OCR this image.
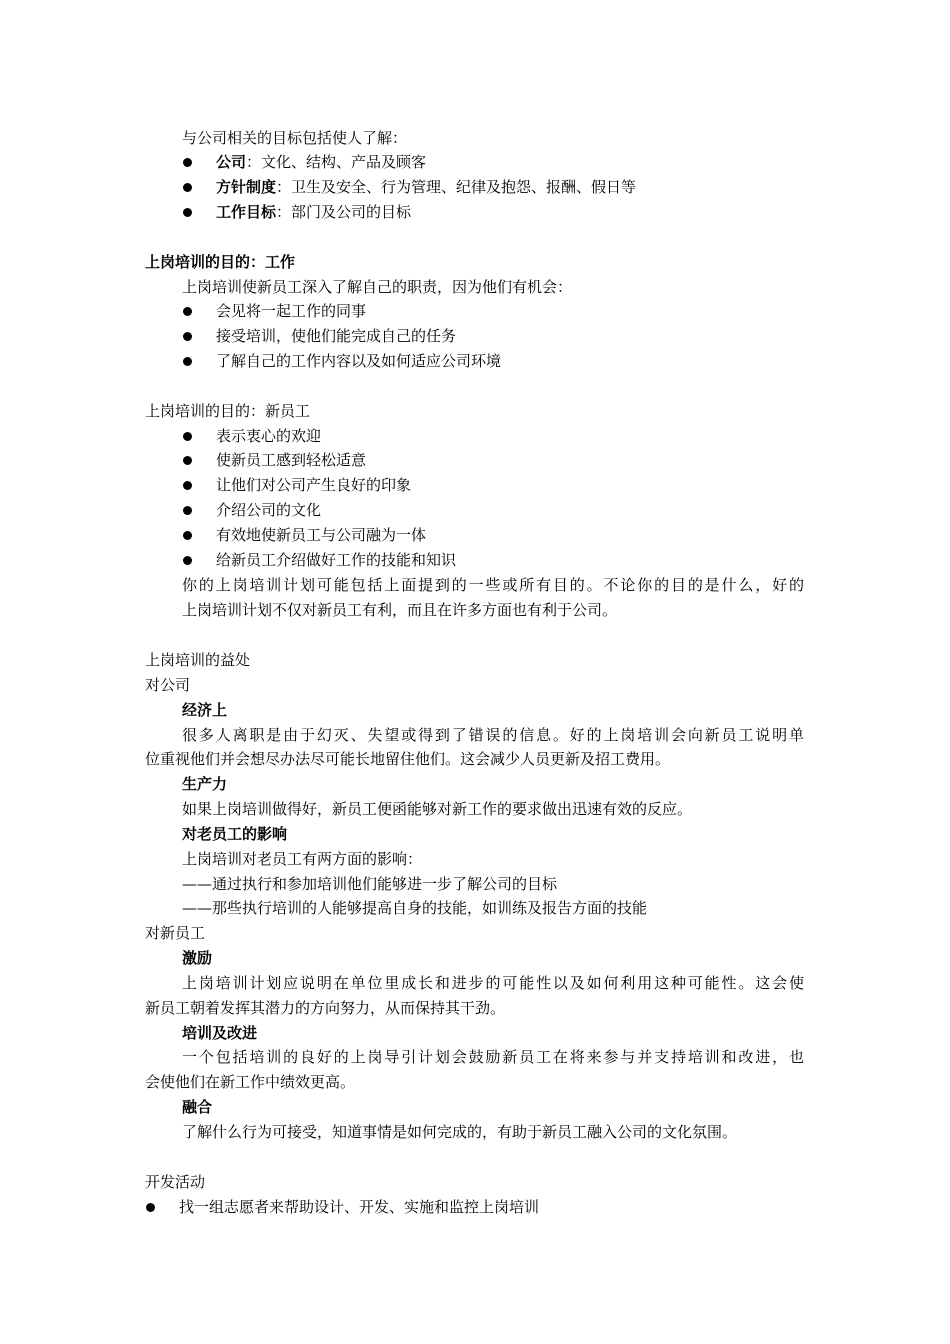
与公司相关的目标包括使人了解：
公司：文化、结构、产品及顾客
方针制度：卫生及安全、行为管理、纪律及抱怨、报酬、假日等
工作目标：部门及公司的目标
上岗培训的目的：工作
上岗培训使新员工深入了解自己的职责，因为他们有机会：
会见将一起工作的同事
接受培训，使他们能完成自己的任务
了解自己的工作内容以及如何适应公司环境
上岗培训的目的：新员工
表示衷心的欢迎
使新员工感到轻松适意
让他们对公司产生良好的印象
介绍公司的文化
有效地使新员工与公司融为一体
给新员工介绍做好工作的技能和知识
你的上岗培训计划可能包括上面提到的一些或所有目的。不论你的目的是什么，好的
上岗培训计划不仅对新员工有利，而且在许多方面也有利于公司。
上岗培训的益处
对公司
经济上
很多人离职是由于幻灭、失望或得到了错误的信息。好的上岗培训会向新员工说明单
位重视他们并会想尽办法尽可能长地留住他们。这会减少人员更新及招工费用。
生产力
如果上岗培训做得好，新员工便函能够对新工作的要求做出迅速有效的反应。
对老员工的影响
上岗培训对老员工有两方面的影响：
——通过执行和参加培训他们能够进一步了解公司的目标
——那些执行培训的人能够提高自身的技能，如训练及报告方面的技能
对新员工
激励
上岗培训计划应说明在单位里成长和进步的可能性以及如何利用这种可能性。这会使
新员工朝着发挥其潜力的方向努力，从而保持其干劲。
培训及改进
一个包括培训的良好的上岗导引计划会鼓励新员工在将来参与并支持培训和改进，也
会使他们在新工作中绩效更高。
融合
了解什么行为可接受，知道事情是如何完成的，有助于新员工融入公司的文化氛围。
开发活动
找一组志愿者来帮助设计、开发、实施和监控上岗培训
